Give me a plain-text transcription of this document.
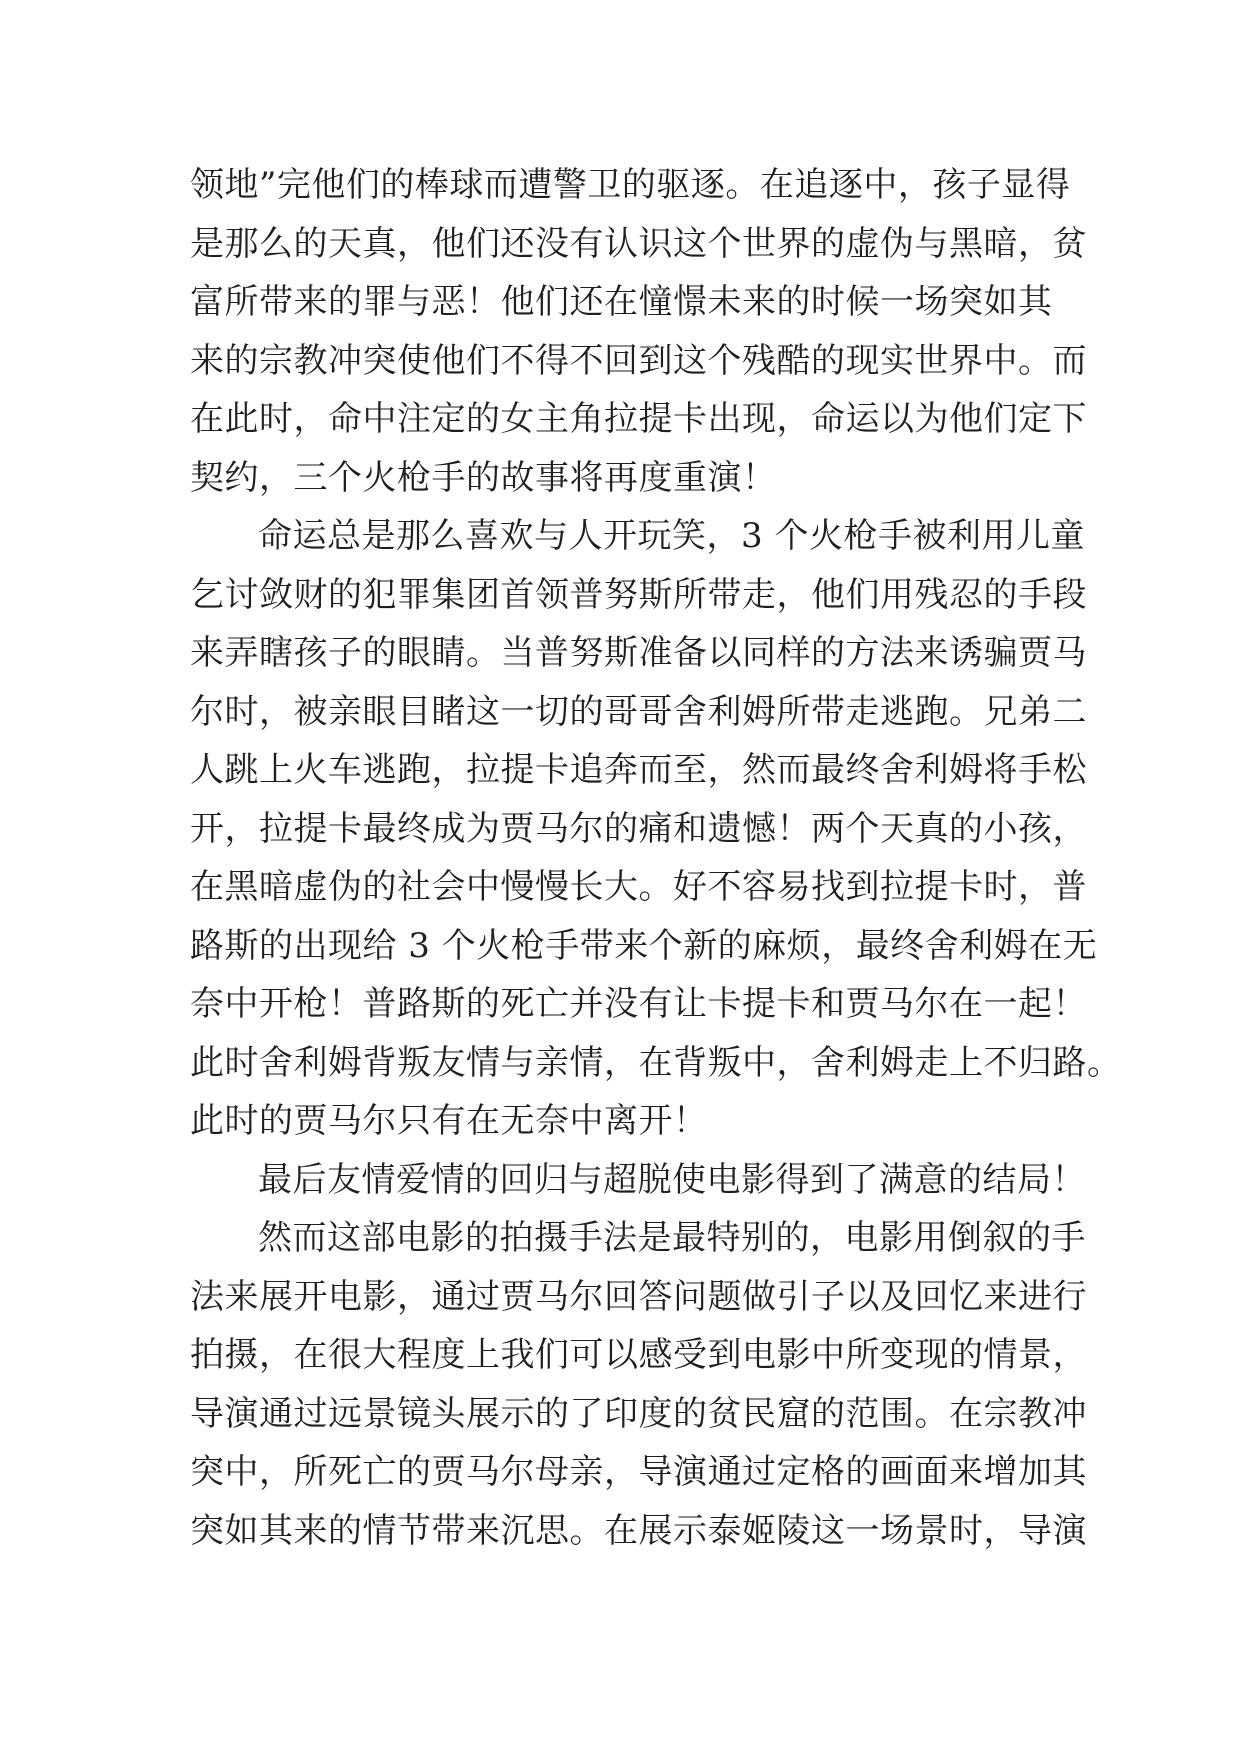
领地”完他们的棒球而遭警卫的驱逐。在追逐中，孩子显得
是那么的天真，他们还没有认识这个世界的虚伪与黑暗，贫
富所带来的罪与恶！他们还在憧憬未来的时候一场突如其
来的宗教冲突使他们不得不回到这个残酷的现实世界中。而
在此时，命中注定的女主角拉提卡出现，命运以为他们定下
契约，三个火枪手的故事将再度重演！
命运总是那么喜欢与人开玩笑，3 个火枪手被利用儿童
乞讨敛财的犯罪集团首领普努斯所带走，他们用残忍的手段
来弄瞎孩子的眼睛。当普努斯准备以同样的方法来诱骗贾马
尔时，被亲眼目睹这一切的哥哥舍利姆所带走逃跑。兄弟二
人跳上火车逃跑，拉提卡追奔而至，然而最终舍利姆将手松
开，拉提卡最终成为贾马尔的痛和遗憾！两个天真的小孩，
在黑暗虚伪的社会中慢慢长大。好不容易找到拉提卡时，普
路斯的出现给 3 个火枪手带来个新的麻烦，最终舍利姆在无
奈中开枪！普路斯的死亡并没有让卡提卡和贾马尔在一起！
此时舍利姆背叛友情与亲情，在背叛中，舍利姆走上不归路。
此时的贾马尔只有在无奈中离开！
最后友情爱情的回归与超脱使电影得到了满意的结局！
然而这部电影的拍摄手法是最特别的，电影用倒叙的手
法来展开电影，通过贾马尔回答问题做引子以及回忆来进行
拍摄，在很大程度上我们可以感受到电影中所变现的情景，
导演通过远景镜头展示的了印度的贫民窟的范围。在宗教冲
突中，所死亡的贾马尔母亲，导演通过定格的画面来增加其
突如其来的情节带来沉思。在展示泰姬陵这一场景时，导演
